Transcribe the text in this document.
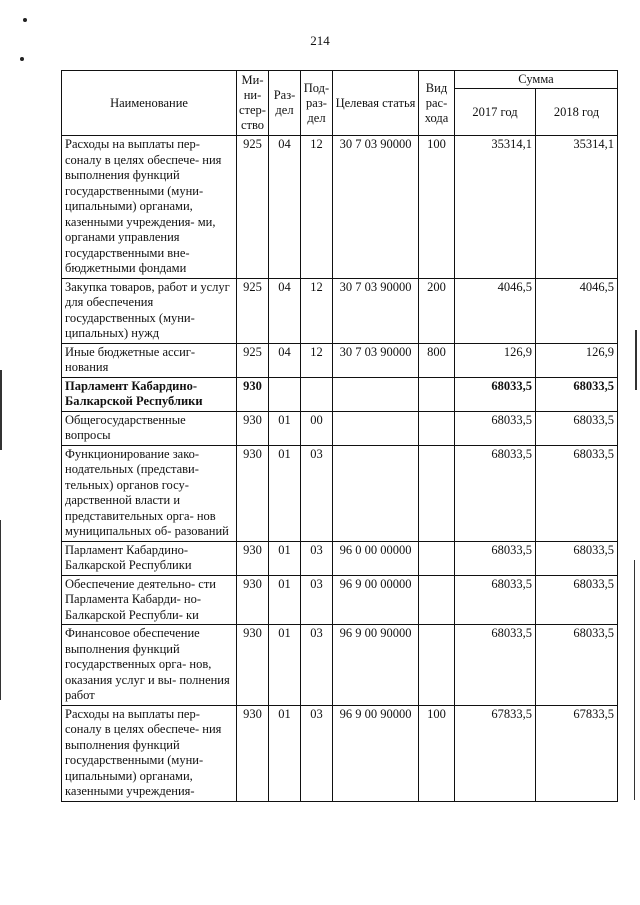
214
Наименование	Ми- ни- стер- ство	Раз- дел	Под- раз- дел	Целевая статья	Вид рас- хода	Сумма	
						2017 год	2018 год
Расходы на выплаты пер- соналу в целях обеспече- ния выполнения функций государственными (муни- ципальными) органами, казенными учреждения- ми, органами управления государственными вне- бюджетными фондами	925	04	12	30 7 03 90000	100	35314,1	35314,1
Закупка товаров, работ и услуг для обеспечения государственных (муни- ципальных) нужд	925	04	12	30 7 03 90000	200	4046,5	4046,5
Иные бюджетные ассиг- нования	925	04	12	30 7 03 90000	800	126,9	126,9
Парламент Кабардино- Балкарской Республики	930					68033,5	68033,5
Общегосударственные вопросы	930	01	00			68033,5	68033,5
Функционирование зако- нодательных (представи- тельных) органов госу- дарственной власти и представительных орга- нов муниципальных об- разований	930	01	03			68033,5	68033,5
Парламент Кабардино- Балкарской Республики	930	01	03	96 0 00 00000		68033,5	68033,5
Обеспечение деятельно- сти Парламента Кабарди- но-Балкарской Республи- ки	930	01	03	96 9 00 00000		68033,5	68033,5
Финансовое обеспечение выполнения функций государственных орга- нов, оказания услуг и вы- полнения работ	930	01	03	96 9 00 90000		68033,5	68033,5
Расходы на выплаты пер- соналу в целях обеспече- ния выполнения функций государственными (муни- ципальными) органами, казенными учреждения-	930	01	03	96 9 00 90000	100	67833,5	67833,5
